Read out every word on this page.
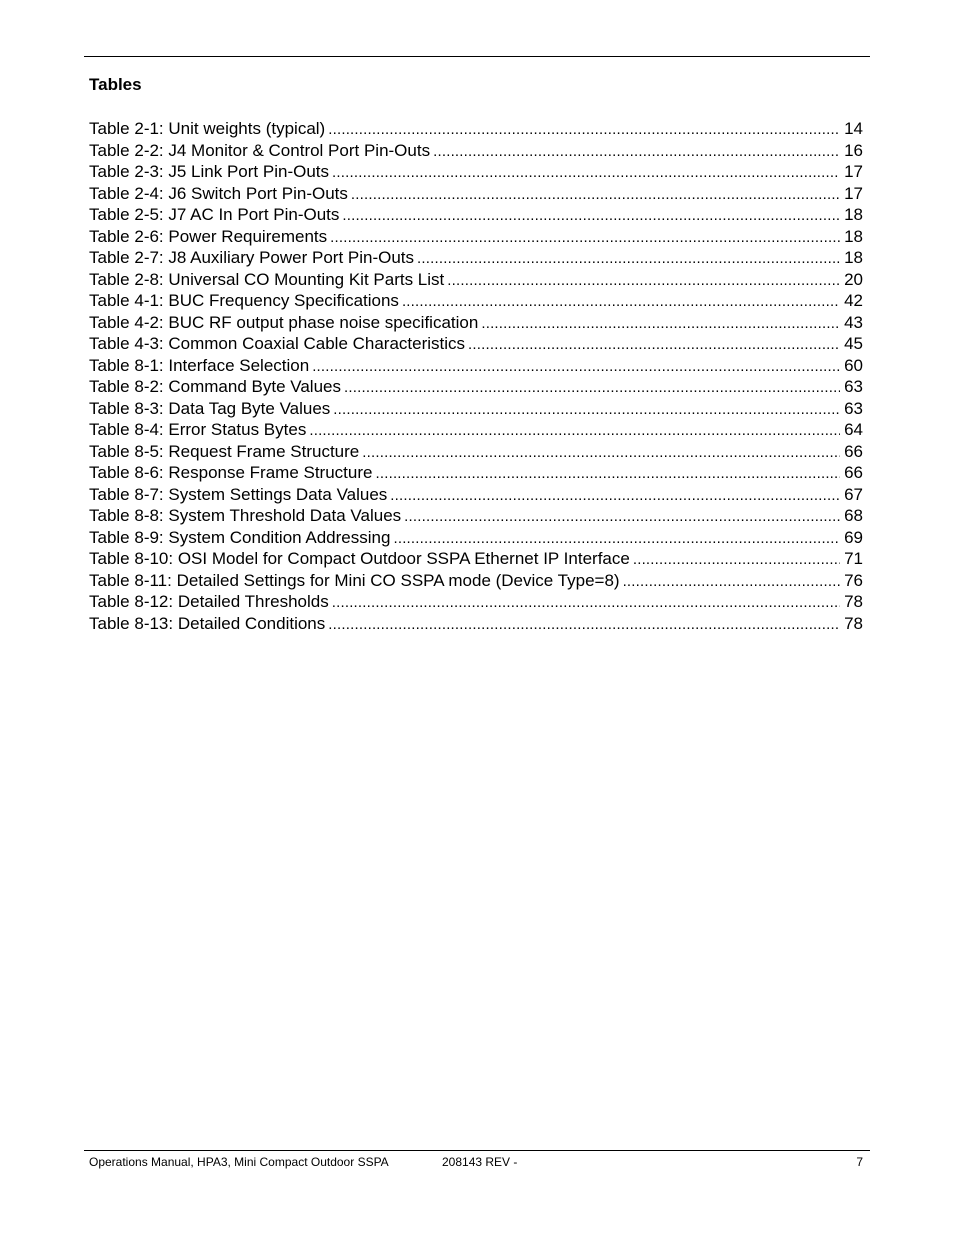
Tables
Table 2-1: Unit weights (typical) .....	14
Table 2-2: J4 Monitor & Control Port Pin-Outs .....	16
Table 2-3: J5 Link Port Pin-Outs .....	17
Table 2-4: J6 Switch Port Pin-Outs .....	17
Table 2-5: J7 AC In Port Pin-Outs .....	18
Table 2-6: Power Requirements .....	18
Table 2-7: J8 Auxiliary Power Port Pin-Outs .....	18
Table 2-8: Universal CO Mounting Kit Parts List .....	20
Table 4-1: BUC Frequency Specifications .....	42
Table 4-2: BUC RF output phase noise specification .....	43
Table 4-3: Common Coaxial Cable Characteristics .....	45
Table 8-1: Interface Selection .....	60
Table 8-2: Command Byte Values .....	63
Table 8-3: Data Tag Byte Values .....	63
Table 8-4: Error Status Bytes .....	64
Table 8-5: Request Frame Structure .....	66
Table 8-6: Response Frame Structure .....	66
Table 8-7: System Settings Data Values .....	67
Table 8-8: System Threshold Data Values .....	68
Table 8-9: System Condition Addressing .....	69
Table 8-10: OSI Model for Compact Outdoor SSPA Ethernet IP Interface .....	71
Table 8-11: Detailed Settings for Mini CO SSPA mode (Device Type=8) .....	76
Table 8-12: Detailed Thresholds .....	78
Table 8-13: Detailed Conditions .....	78

Operations Manual, HPA3, Mini Compact Outdoor SSPA	208143 REV -	7
